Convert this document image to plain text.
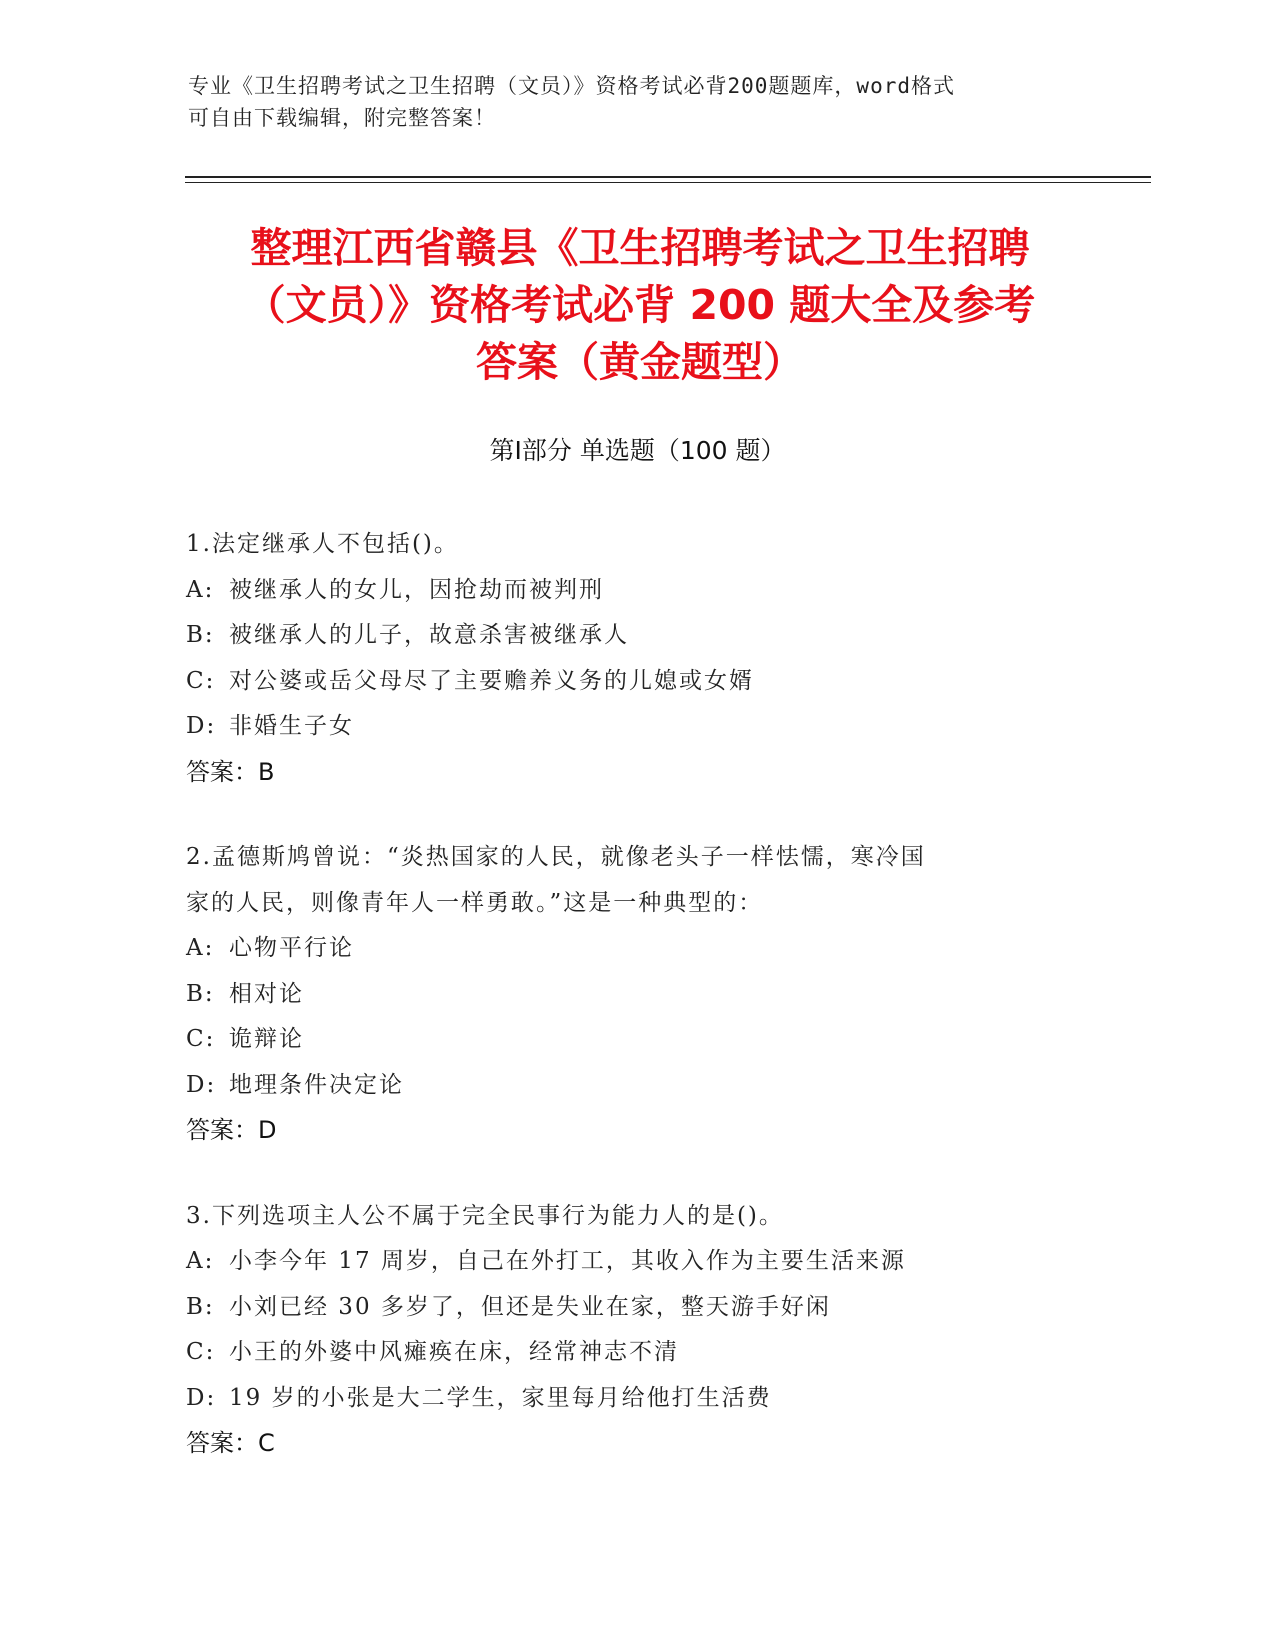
专业《卫生招聘考试之卫生招聘（文员）》资格考试必背200题题库，word格式
可自由下载编辑，附完整答案！
整理江西省赣县《卫生招聘考试之卫生招聘
（文员）》资格考试必背 200 题大全及参考
答案（黄金题型）
第Ⅰ部分 单选题（100 题）
1.法定继承人不包括()。
A: 被继承人的女儿，因抢劫而被判刑
B: 被继承人的儿子，故意杀害被继承人
C: 对公婆或岳父母尽了主要赡养义务的儿媳或女婿
D: 非婚生子女
答案：B
2.孟德斯鸠曾说：“炎热国家的人民，就像老头子一样怯懦，寒冷国
家的人民，则像青年人一样勇敢。”这是一种典型的：
A: 心物平行论
B: 相对论
C: 诡辩论
D: 地理条件决定论
答案：D
3.下列选项主人公不属于完全民事行为能力人的是()。
A: 小李今年 17 周岁，自己在外打工，其收入作为主要生活来源
B: 小刘已经 30 多岁了，但还是失业在家，整天游手好闲
C: 小王的外婆中风瘫痪在床，经常神志不清
D: 19 岁的小张是大二学生，家里每月给他打生活费
答案：C
